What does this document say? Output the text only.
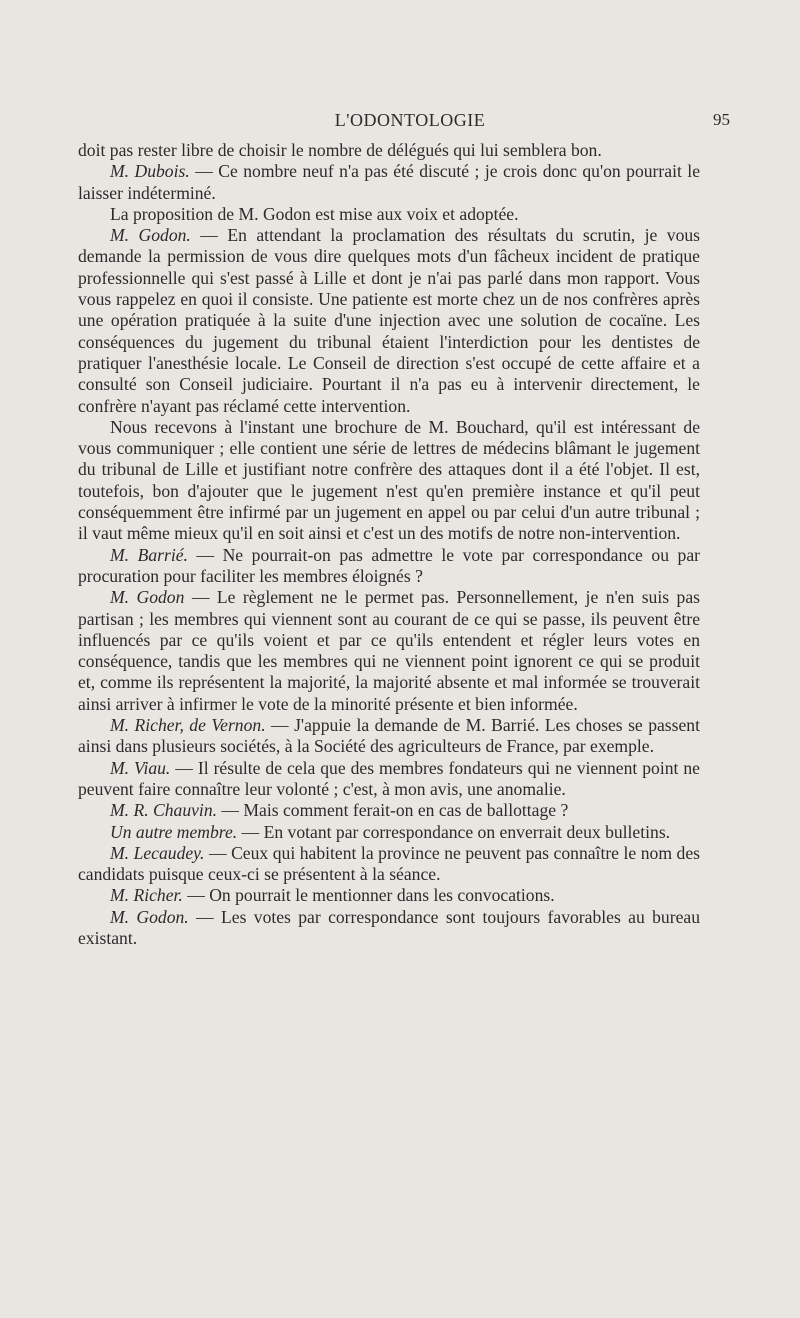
L'ODONTOLOGIE	95

doit pas rester libre de choisir le nombre de délégués qui lui semblera bon.

M. Dubois. — Ce nombre neuf n'a pas été discuté ; je crois donc qu'on pourrait le laisser indéterminé.

La proposition de M. Godon est mise aux voix et adoptée.

M. Godon. — En attendant la proclamation des résultats du scrutin, je vous demande la permission de vous dire quelques mots d'un fâcheux incident de pratique professionnelle qui s'est passé à Lille et dont je n'ai pas parlé dans mon rapport. Vous vous rappelez en quoi il consiste. Une patiente est morte chez un de nos confrères après une opération pratiquée à la suite d'une injection avec une solution de cocaïne. Les conséquences du jugement du tribunal étaient l'interdiction pour les dentistes de pratiquer l'anesthésie locale. Le Conseil de direction s'est occupé de cette affaire et a consulté son Conseil judiciaire. Pourtant il n'a pas eu à intervenir directement, le confrère n'ayant pas réclamé cette intervention.

Nous recevons à l'instant une brochure de M. Bouchard, qu'il est intéressant de vous communiquer ; elle contient une série de lettres de médecins blâmant le jugement du tribunal de Lille et justifiant notre confrère des attaques dont il a été l'objet. Il est, toutefois, bon d'ajouter que le jugement n'est qu'en première instance et qu'il peut conséquemment être infirmé par un jugement en appel ou par celui d'un autre tribunal ; il vaut même mieux qu'il en soit ainsi et c'est un des motifs de notre non-intervention.

M. Barrié. — Ne pourrait-on pas admettre le vote par correspondance ou par procuration pour faciliter les membres éloignés ?

M. Godon — Le règlement ne le permet pas. Personnellement, je n'en suis pas partisan ; les membres qui viennent sont au courant de ce qui se passe, ils peuvent être influencés par ce qu'ils voient et par ce qu'ils entendent et régler leurs votes en conséquence, tandis que les membres qui ne viennent point ignorent ce qui se produit et, comme ils représentent la majorité, la majorité absente et mal informée se trouverait ainsi arriver à infirmer le vote de la minorité présente et bien informée.

M. Richer, de Vernon. — J'appuie la demande de M. Barrié. Les choses se passent ainsi dans plusieurs sociétés, à la Société des agriculteurs de France, par exemple.

M. Viau. — Il résulte de cela que des membres fondateurs qui ne viennent point ne peuvent faire connaître leur volonté ; c'est, à mon avis, une anomalie.

M. R. Chauvin. — Mais comment ferait-on en cas de ballottage ?

Un autre membre. — En votant par correspondance on enverrait deux bulletins.

M. Lecaudey. — Ceux qui habitent la province ne peuvent pas connaître le nom des candidats puisque ceux-ci se présentent à la séance.

M. Richer. — On pourrait le mentionner dans les convocations.

M. Godon. — Les votes par correspondance sont toujours favorables au bureau existant.
